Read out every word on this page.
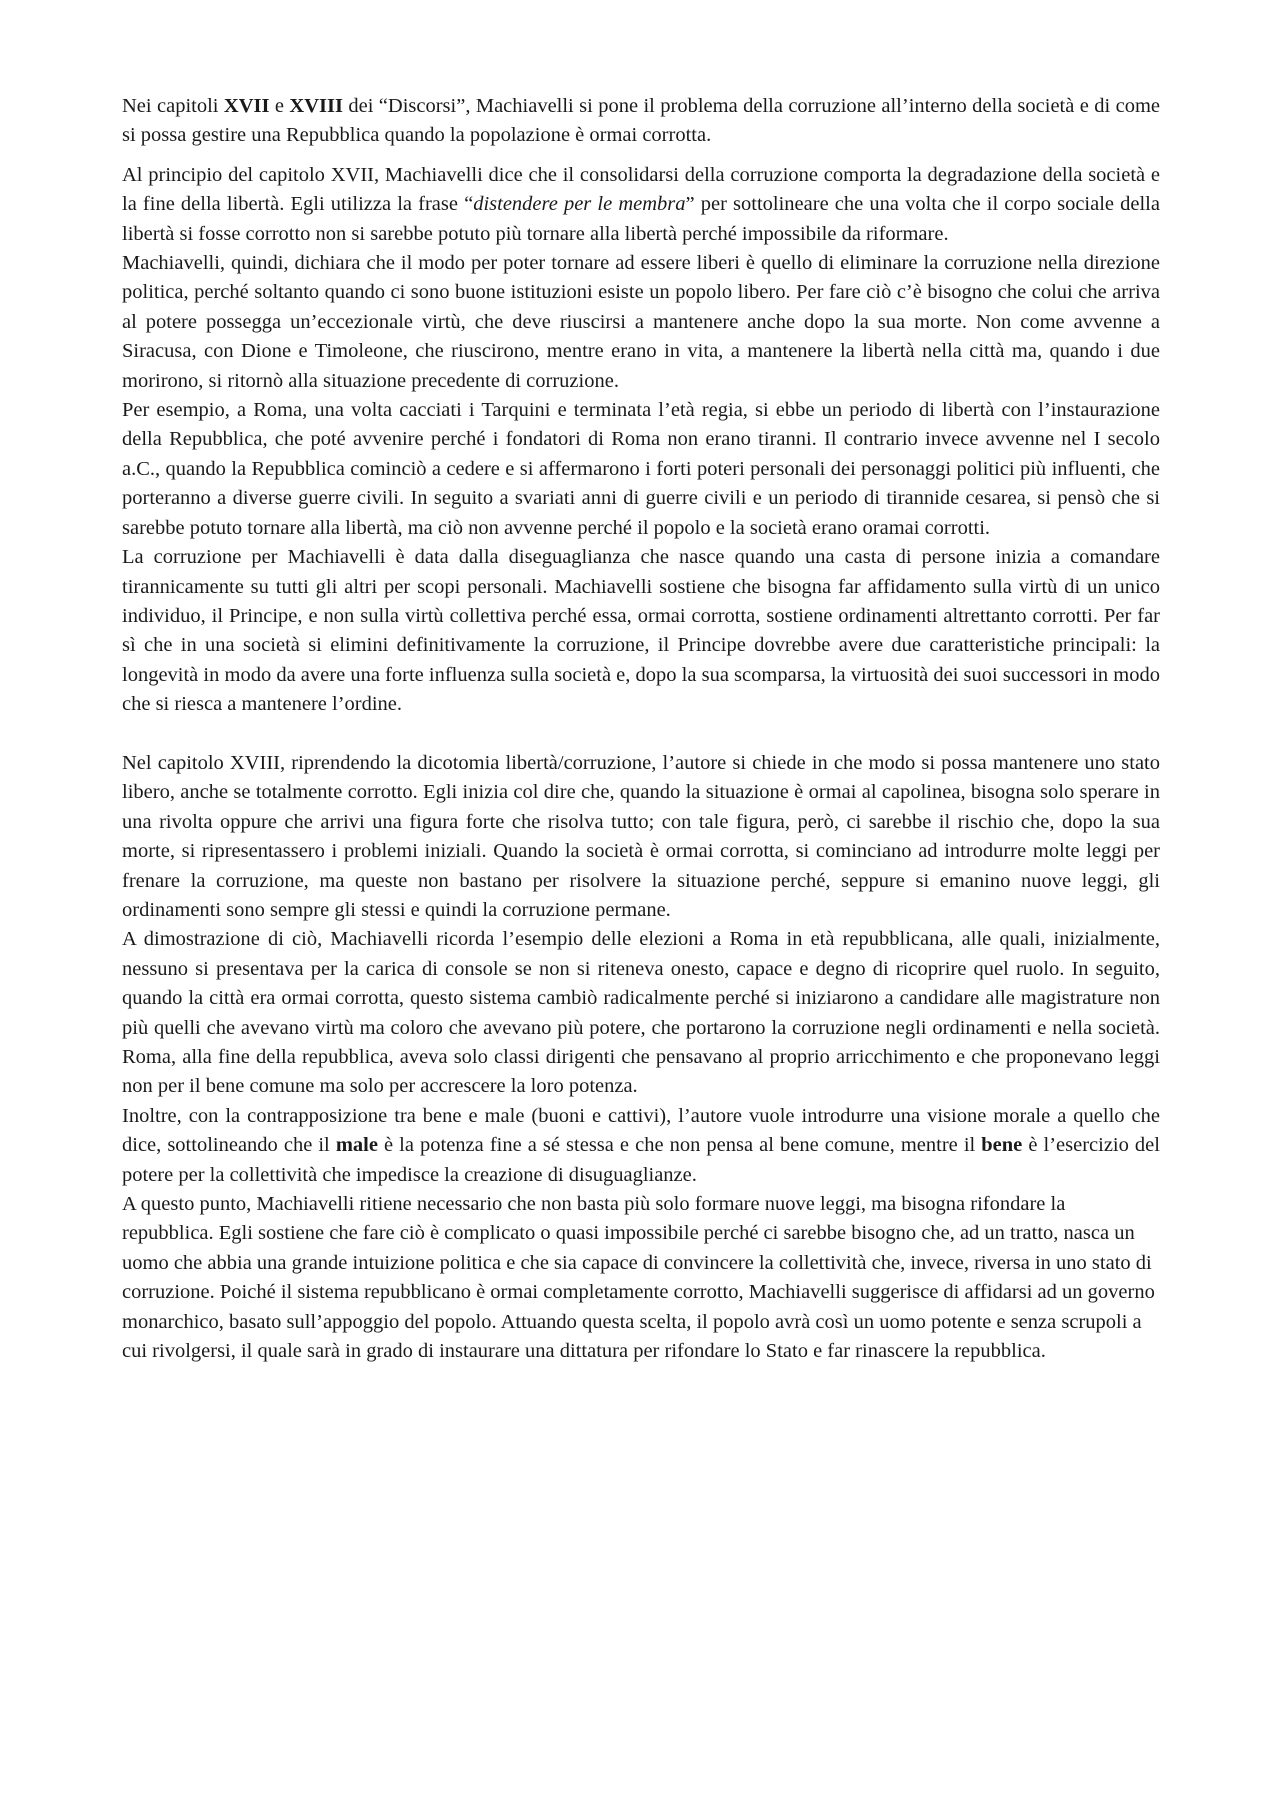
Nei capitoli XVII e XVIII dei “Discorsi”, Machiavelli si pone il problema della corruzione all’interno della società e di come si possa gestire una Repubblica quando la popolazione è ormai corrotta.

Al principio del capitolo XVII, Machiavelli dice che il consolidarsi della corruzione comporta la degradazione della società e la fine della libertà. Egli utilizza la frase “distendere per le membra” per sottolineare che una volta che il corpo sociale della libertà si fosse corrotto non si sarebbe potuto più tornare alla libertà perché impossibile da riformare.

Machiavelli, quindi, dichiara che il modo per poter tornare ad essere liberi è quello di eliminare la corruzione nella direzione politica, perché soltanto quando ci sono buone istituzioni esiste un popolo libero. Per fare ciò c’è bisogno che colui che arriva al potere possegga un’eccezionale virtù, che deve riuscirsi a mantenere anche dopo la sua morte. Non come avvenne a Siracusa, con Dione e Timoleone, che riuscirono, mentre erano in vita, a mantenere la libertà nella città ma, quando i due morirono, si ritornò alla situazione precedente di corruzione.

Per esempio, a Roma, una volta cacciati i Tarquini e terminata l’età regia, si ebbe un periodo di libertà con l’instaurazione della Repubblica, che poté avvenire perché i fondatori di Roma non erano tiranni. Il contrario invece avvenne nel I secolo a.C., quando la Repubblica cominciò a cedere e si affermarono i forti poteri personali dei personaggi politici più influenti, che porteranno a diverse guerre civili. In seguito a svariati anni di guerre civili e un periodo di tirannide cesarea, si pensò che si sarebbe potuto tornare alla libertà, ma ciò non avvenne perché il popolo e la società erano oramai corrotti.

La corruzione per Machiavelli è data dalla diseguaglianza che nasce quando una casta di persone inizia a comandare tirannicamente su tutti gli altri per scopi personali. Machiavelli sostiene che bisogna far affidamento sulla virtù di un unico individuo, il Principe, e non sulla virtù collettiva perché essa, ormai corrotta, sostiene ordinamenti altrettanto corrotti. Per far sì che in una società si elimini definitivamente la corruzione, il Principe dovrebbe avere due caratteristiche principali: la longevità in modo da avere una forte influenza sulla società e, dopo la sua scomparsa, la virtuosità dei suoi successori in modo che si riesca a mantenere l’ordine.

Nel capitolo XVIII, riprendendo la dicotomia libertà/corruzione, l’autore si chiede in che modo si possa mantenere uno stato libero, anche se totalmente corrotto. Egli inizia col dire che, quando la situazione è ormai al capolinea, bisogna solo sperare in una rivolta oppure che arrivi una figura forte che risolva tutto; con tale figura, però, ci sarebbe il rischio che, dopo la sua morte, si ripresentassero i problemi iniziali. Quando la società è ormai corrotta, si cominciano ad introdurre molte leggi per frenare la corruzione, ma queste non bastano per risolvere la situazione perché, seppure si emanino nuove leggi, gli ordinamenti sono sempre gli stessi e quindi la corruzione permane.

A dimostrazione di ciò, Machiavelli ricorda l’esempio delle elezioni a Roma in età repubblicana, alle quali, inizialmente, nessuno si presentava per la carica di console se non si riteneva onesto, capace e degno di ricoprire quel ruolo. In seguito, quando la città era ormai corrotta, questo sistema cambiò radicalmente perché si iniziarono a candidare alle magistrature non più quelli che avevano virtù ma coloro che avevano più potere, che portarono la corruzione negli ordinamenti e nella società. Roma, alla fine della repubblica, aveva solo classi dirigenti che pensavano al proprio arricchimento e che proponevano leggi non per il bene comune ma solo per accrescere la loro potenza.

Inoltre, con la contrapposizione tra bene e male (buoni e cattivi), l’autore vuole introdurre una visione morale a quello che dice, sottolineando che il male è la potenza fine a sé stessa e che non pensa al bene comune, mentre il bene è l’esercizio del potere per la collettività che impedisce la creazione di disuguaglianze.

A questo punto, Machiavelli ritiene necessario che non basta più solo formare nuove leggi, ma bisogna rifondare la repubblica. Egli sostiene che fare ciò è complicato o quasi impossibile perché ci sarebbe bisogno che, ad un tratto, nasca un uomo che abbia una grande intuizione politica e che sia capace di convincere la collettività che, invece, riversa in uno stato di corruzione. Poiché il sistema repubblicano è ormai completamente corrotto, Machiavelli suggerisce di affidarsi ad un governo monarchico, basato sull’appoggio del popolo. Attuando questa scelta, il popolo avrà così un uomo potente e senza scrupoli a cui rivolgersi, il quale sarà in grado di instaurare una dittatura per rifondare lo Stato e far rinascere la repubblica.
